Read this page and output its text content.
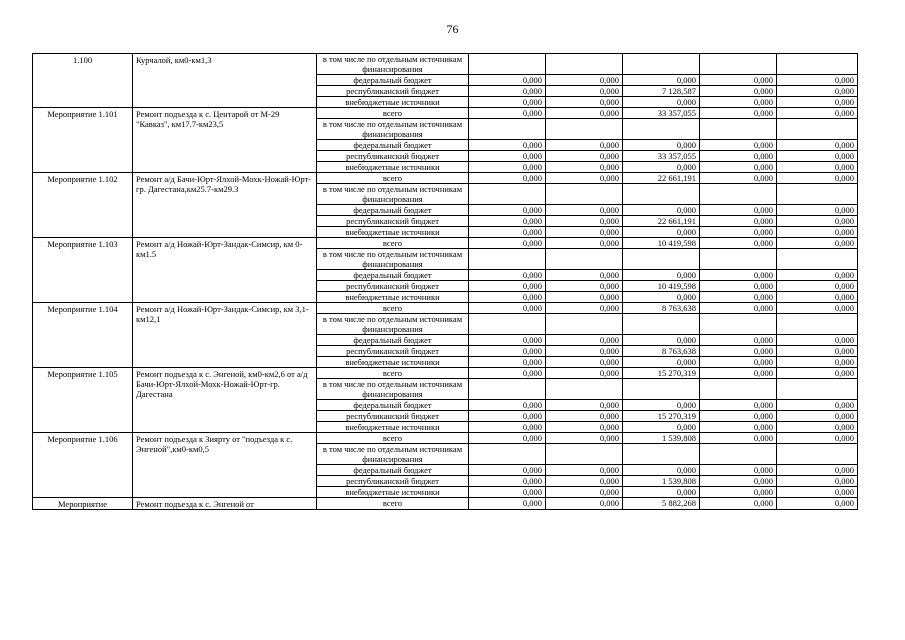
76
1.100	Курчалой, км0-км1,3	в том числе по отдельным источникам финансирования					
		федеральный бюджет	0,000	0,000	0,000	0,000	0,000
		республиканский бюджет	0,000	0,000	7 128,587	0,000	0,000
		внебюджетные источники	0,000	0,000	0,000	0,000	0,000
Мероприятие 1.101	Ремонт подъезда к с. Центарой от М-29 "Кавказ", км17.7-км23,5	всего	0,000	0,000	33 357,055	0,000	0,000
		в том числе по отдельным источникам финансирования					
		федеральный бюджет	0,000	0,000	0,000	0,000	0,000
		республиканский бюджет	0,000	0,000	33 357,055	0,000	0,000
		внебюджетные источники	0,000	0,000	0,000	0,000	0,000
Мероприятие 1.102	Ремонт а/д Бачи-Юрт-Ялхой-Мохк-Ножай-Юрт-гр. Дагестана,км25.7-км29.3	всего	0,000	0,000	22 661,191	0,000	0,000
		в том числе по отдельным источникам финансирования					
		федеральный бюджет	0,000	0,000	0,000	0,000	0,000
		республиканский бюджет	0,000	0,000	22 661,191	0,000	0,000
		внебюджетные источники	0,000	0,000	0,000	0,000	0,000
Мероприятие 1.103	Ремонт а/д Ножай-Юрт-Зандак-Симсир, км 0-км1.5	всего	0,000	0,000	10 419,598	0,000	0,000
		в том числе по отдельным источникам финансирования					
		федеральный бюджет	0,000	0,000	0,000	0,000	0,000
		республиканский бюджет	0,000	0,000	10 419,598	0,000	0,000
		внебюджетные источники	0,000	0,000	0,000	0,000	0,000
Мероприятие 1.104	Ремонт а/д Ножай-Юрт-Зандак-Симсир, км 3,1-км12,1	всего	0,000	0,000	8 763,638	0,000	0,000
		в том числе по отдельным источникам финансирования					
		федеральный бюджет	0,000	0,000	0,000	0,000	0,000
		республиканский бюджет	0,000	0,000	8 763,638	0,000	0,000
		внебюджетные источники	0,000	0,000	0,000	0,000	0,000
Мероприятие 1.105	Ремонт подъезда к с. Энгеной, км0-км2,6 от а/д Бачи-Юрт-Ялхой-Мохк-Ножай-Юрт-гр. Дагестана	всего	0,000	0,000	15 270,319	0,000	0,000
		в том числе по отдельным источникам финансирования					
		федеральный бюджет	0,000	0,000	0,000	0,000	0,000
		республиканский бюджет	0,000	0,000	15 270,319	0,000	0,000
		внебюджетные источники	0,000	0,000	0,000	0,000	0,000
Мероприятие 1.106	Ремонт подъезда к Зиярту от "подъезда к с. Энгеной",км0-км0,5	всего	0,000	0,000	1 539,808	0,000	0,000
		в том числе по отдельным источникам финансирования					
		федеральный бюджет	0,000	0,000	0,000	0,000	0,000
		республиканский бюджет	0,000	0,000	1 539,808	0,000	0,000
		внебюджетные источники	0,000	0,000	0,000	0,000	0,000
Мероприятие	Ремонт подъезда к с. Энгеной от	всего	0,000	0,000	5 882,268	0,000	0,000
